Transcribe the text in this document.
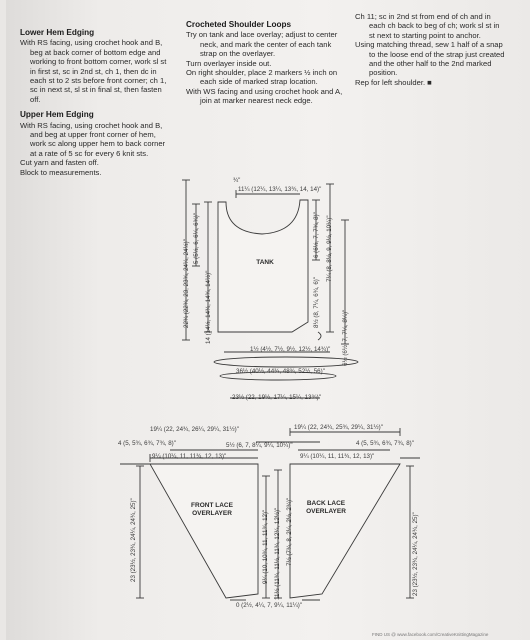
Lower Hem Edging

With RS facing, using crochet hook and B, beg at back corner of bottom edge and working to front bottom corner, work sl st in first st, sc in 2nd st, ch 1, then dc in each st to 2 sts before front corner; ch 1, sc in next st, sl st in final st, then fasten off.

Upper Hem Edging

With RS facing, using crochet hook and B, and beg at upper front corner of hem, work sc along upper hem to back corner at a rate of 5 sc for every 6 knit sts.

Cut yarn and fasten off.

Block to measurements.

Crocheted Shoulder Loops

Try on tank and lace overlay; adjust to center neck, and mark the center of each tank strap on the overlayer.

Turn overlayer inside out.

On right shoulder, place 2 markers ½ inch on each side of marked strap location.

With WS facing and using crochet hook and A, join at marker nearest neck edge.

Ch 11; sc in 2nd st from end of ch and in each ch back to beg of ch; work sl st in st next to starting point to anchor.

Using matching thread, sew 1 half of a snap to the loose end of the strap just created and the other half to the 2nd marked position.

Rep for left shoulder. ■

TANK
11¼ (12¼, 13¼, 13¾, 14, 14)"
¾"
5 (5½, 6, 6¼, 6¾)"
14 (14½, 14¾, 14¾, 14½)"
22¾ (22¾, 23, 23¾, 24¼, 24½)"
6 (6½, 7, 7¾, 8)" 7¼ (8, 8½, 9, 9½, 10¼)"
8½ (8, 7¼, 6¾, 6)"
6½ (6½, 7, 7¼, 8¼)"
1½ (4½, 7½, 9½, 12½, 14¾)"
36½ (40½, 44¾, 48¾, 52½, 56)"
23½ (22, 19½, 17¼, 15¼, 13¾)"
FRONT LACE
OVERLAYER
19¼ (22, 24¾, 26¼, 29¼, 31½)"
4 (5, 5¾, 6¾, 7¾, 8)"
9¼ (10¼, 11, 11¾, 12, 13)"
23 (23½, 23¾, 24¼, 24¾, 25)"	9¼ (10, 10¾, 11, 11¾, 12)" 11½ (11¾, 11½, 11¾, 12¼, 12½)"
BACK LACE
OVERLAYER
19¼ (22, 24¾, 25¾, 29¼, 31½)"
4 (5, 5¾, 6¾, 7¾, 8)"
9¼ (10¼, 11, 11¾, 12, 13)"
5½ (6, 7, 8¼, 9¼, 10¼)"
23 (23½, 23¾, 24¼, 24¾, 25)"
7½ (7¾, 8, 2¼, 2½, 2¾)"
0 (2½, 4¼, 7, 9¼, 11¼)"
FIND US @ www.facebook.com/CreativeKnittingMagazine
